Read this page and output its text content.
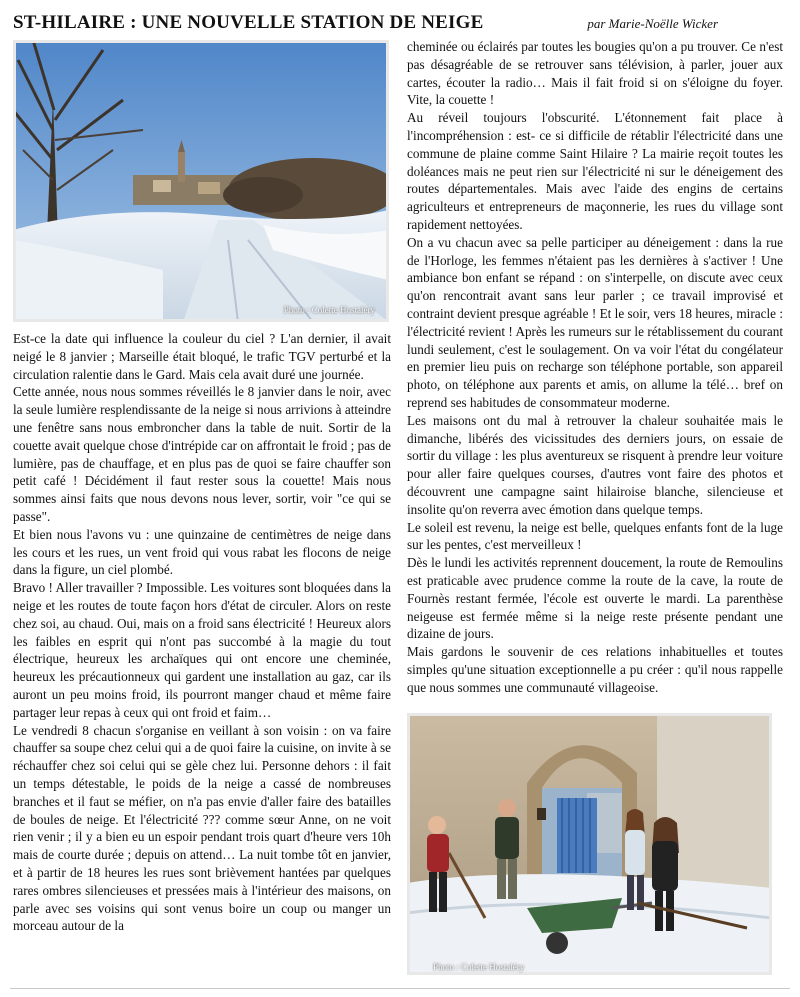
ST-HILAIRE : UNE NOUVELLE STATION DE NEIGE	par Marie-Noëlle Wicker
Photo : Colette Hostaléry

Est-ce la date qui influence la couleur du ciel ? L'an dernier, il avait neigé le 8 janvier ; Marseille était bloqué, le trafic TGV perturbé et la circulation ralentie dans le Gard. Mais cela avait duré une journée.

Cette année, nous nous sommes réveillés le 8 janvier dans le noir, avec la seule lumière resplendissante de la neige si nous arrivions à atteindre une fenêtre sans nous embroncher dans la table de nuit. Sortir de la couette avait quelque chose d'intrépide car on affrontait le froid ; pas de lumière, pas de chauffage, et en plus pas de quoi se faire chauffer son petit café ! Décidément il faut rester sous la couette! Mais nous sommes ainsi faits que nous devons nous lever, sortir, voir "ce qui se passe".

Et bien nous l'avons vu : une quinzaine de centimètres de neige dans les cours et les rues, un vent froid qui vous rabat les flocons de neige dans la figure, un ciel plombé.

Bravo ! Aller travailler ? Impossible. Les voitures sont bloquées dans la neige et les routes de toute façon hors d'état de circuler. Alors on reste chez soi, au chaud. Oui, mais on a froid sans électricité ! Heureux alors les faibles en esprit qui n'ont pas succombé à la magie du tout électrique, heureux les archaïques qui ont encore une cheminée, heureux les précautionneux qui gardent une installation au gaz, car ils auront un peu moins froid, ils pourront manger chaud et même faire partager leur repas à ceux qui ont froid et faim…

Le vendredi 8 chacun s'organise en veillant à son voisin : on va faire chauffer sa soupe chez celui qui a de quoi faire la cuisine, on invite à se réchauffer chez soi celui qui se gèle chez lui. Personne dehors : il fait un temps détestable, le poids de la neige a cassé de nombreuses branches et il faut se méfier, on n'a pas envie d'aller faire des batailles de boules de neige. Et l'électricité ??? comme sœur Anne, on ne voit rien venir ; il y a bien eu un espoir pendant trois quart d'heure vers 10h mais de courte durée ; depuis on attend… La nuit tombe tôt en janvier, et à partir de 18 heures les rues sont brièvement hantées par quelques rares ombres silencieuses et pressées mais à l'intérieur des maisons, on parle avec ses voisins qui sont venus boire un coup ou manger un morceau autour de la

cheminée ou éclairés par toutes les bougies qu'on a pu trouver. Ce n'est pas désagréable de se retrouver sans télévision, à parler, jouer aux cartes, écouter la radio… Mais il fait froid si on s'éloigne du foyer. Vite, la couette !

Au réveil toujours l'obscurité. L'étonnement fait place à l'incompréhension : est- ce si difficile de rétablir l'électricité dans une commune de plaine comme Saint Hilaire ? La mairie reçoit toutes les doléances mais ne peut rien sur l'électricité ni sur le déneigement des routes départementales. Mais avec l'aide des engins de certains agriculteurs et entrepreneurs de maçonnerie, les rues du village sont rapidement nettoyées.

On a vu chacun avec sa pelle participer au déneigement : dans la rue de l'Horloge, les femmes n'étaient pas les dernières à s'activer ! Une ambiance bon enfant se répand : on s'interpelle, on discute avec ceux qu'on rencontrait avant sans leur parler ; ce travail improvisé et contraint devient presque agréable ! Et le soir, vers 18 heures, miracle : l'électricité revient ! Après les rumeurs sur le rétablissement du courant lundi seulement, c'est le soulagement. On va voir l'état du congélateur en premier lieu puis on recharge son téléphone portable, son appareil photo, on téléphone aux parents et amis, on allume la télé… bref on reprend ses habitudes de consommateur moderne.

Les maisons ont du mal à retrouver la chaleur souhaitée mais le dimanche, libérés des vicissitudes des derniers jours, on essaie de sortir du village : les plus aventureux se risquent à prendre leur voiture pour aller faire quelques courses, d'autres vont faire des photos et découvrent une campagne saint hilairoise blanche, silencieuse et insolite qu'on reverra avec émotion dans quelque temps.

Le soleil est revenu, la neige est belle, quelques enfants font de la luge sur les pentes, c'est merveilleux !

Dès le lundi les activités reprennent doucement, la route de Remoulins est praticable avec prudence comme la route de la cave, la route de Fournès restant fermée, l'école est ouverte le mardi. La parenthèse neigeuse est fermée même si la neige reste présente pendant une dizaine de jours.

Mais gardons le souvenir de ces relations inhabituelles et toutes simples qu'une situation exceptionnelle a pu créer : qu'il nous rappelle que nous sommes une communauté villageoise.

Photo : Colette Hostaléry
